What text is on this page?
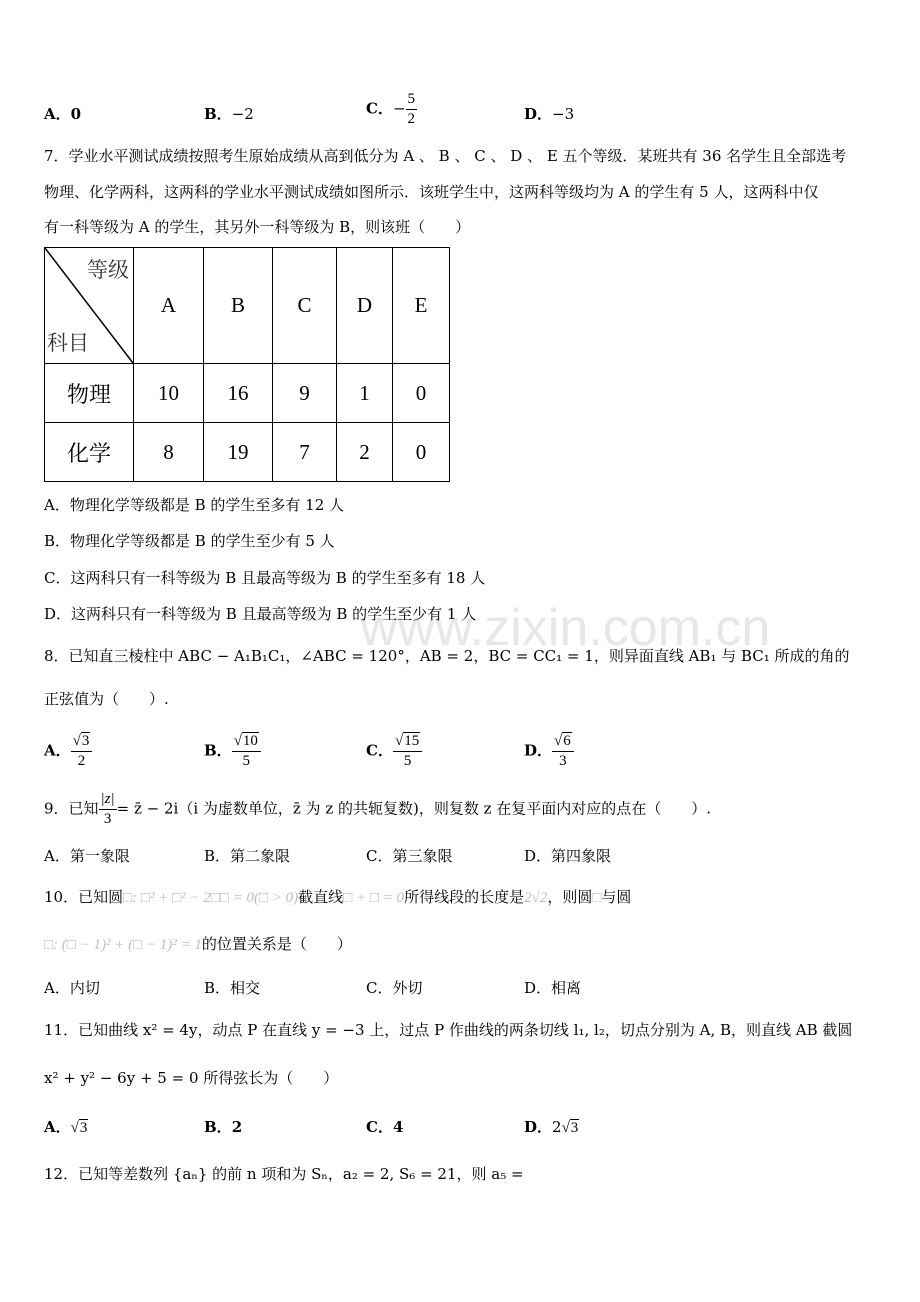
www.zixin.com.cn
A．0	B．−2	C．− $\frac{5}{2}$	D．−3
7．学业水平测试成绩按照考生原始成绩从高到低分为 A 、 B 、 C 、 D 、 E 五个等级．某班共有 36 名学生且全部选考
物理、化学两科，这两科的学业水平测试成绩如图所示．该班学生中，这两科等级均为 A 的学生有 5 人，这两科中仅
有一科等级为 A 的学生，其另外一科等级为 B，则该班（　　）
等级
科目	A	B	C	D	E
物理	10	16	9	1	0
化学	8	19	7	2	0
A．物理化学等级都是 B 的学生至多有 12 人
B．物理化学等级都是 B 的学生至少有 5 人
C．这两科只有一科等级为 B 且最高等级为 B 的学生至多有 18 人
D．这两科只有一科等级为 B 且最高等级为 B 的学生至少有 1 人
8．已知直三棱柱中 ABC − A₁B₁C₁，∠ABC = 120°，AB = 2，BC = CC₁ = 1，则异面直线 AB₁ 与 BC₁ 所成的角的
正弦值为（　　）.
A． $\frac{√3}{2}$	B． $\frac{√10}{5}$	C． $\frac{√15}{5}$	D． $\frac{√6}{3}$
9．已知 $\frac{|z|}{3}$ = z̄ − 2i（i 为虚数单位，z̄ 为 z 的共轭复数)，则复数 z 在复平面内对应的点在（　　）.
A．第一象限	B．第二象限	C．第三象限	D．第四象限
10．已知圆□: □² + □² − 2□□ = 0(□ > 0)截直线□ + □ = 0所得线段的长度是2√2，则圆□与圆
□: (□ − 1)² + (□ − 1)² = 1的位置关系是（　　）
A．内切	B．相交	C．外切	D．相离
11．已知曲线 x² = 4y，动点 P 在直线 y = −3 上，过点 P 作曲线的两条切线 l₁, l₂，切点分别为 A, B，则直线 AB 截圆
x² + y² − 6y + 5 = 0 所得弦长为（　　）
A．√3	B．2	C．4	D．2√3
12．已知等差数列 {aₙ} 的前 n 项和为 Sₙ，a₂ = 2, S₆ = 21，则 a₅ =
